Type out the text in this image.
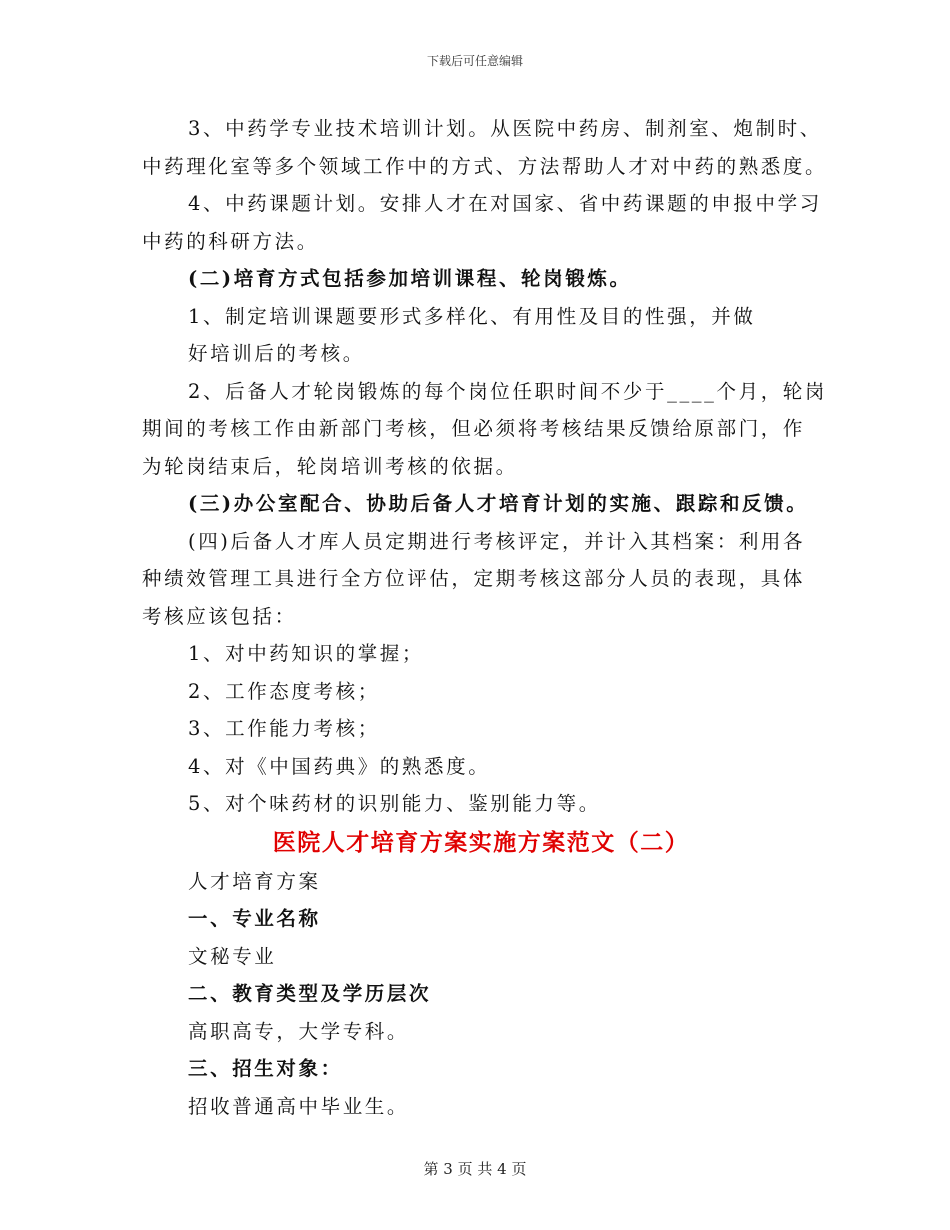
下载后可任意编辑

3、中药学专业技术培训计划。从医院中药房、制剂室、炮制时、

中药理化室等多个领域工作中的方式、方法帮助人才对中药的熟悉度。

4、中药课题计划。安排人才在对国家、省中药课题的申报中学习

中药的科研方法。

(二)培育方式包括参加培训课程、轮岗锻炼。

1、制定培训课题要形式多样化、有用性及目的性强，并做

好培训后的考核。

2、后备人才轮岗锻炼的每个岗位任职时间不少于____个月，轮岗

期间的考核工作由新部门考核，但必须将考核结果反馈给原部门，作

为轮岗结束后，轮岗培训考核的依据。

(三)办公室配合、协助后备人才培育计划的实施、跟踪和反馈。

(四)后备人才库人员定期进行考核评定，并计入其档案：利用各

种绩效管理工具进行全方位评估，定期考核这部分人员的表现，具体

考核应该包括：

1、对中药知识的掌握；

2、工作态度考核；

3、工作能力考核；

4、对《中国药典》的熟悉度。

5、对个味药材的识别能力、鉴别能力等。

医院人才培育方案实施方案范文（二）

人才培育方案

一、专业名称

文秘专业

二、教育类型及学历层次

高职高专，大学专科。

三、招生对象：

招收普通高中毕业生。

第 3 页 共 4 页
